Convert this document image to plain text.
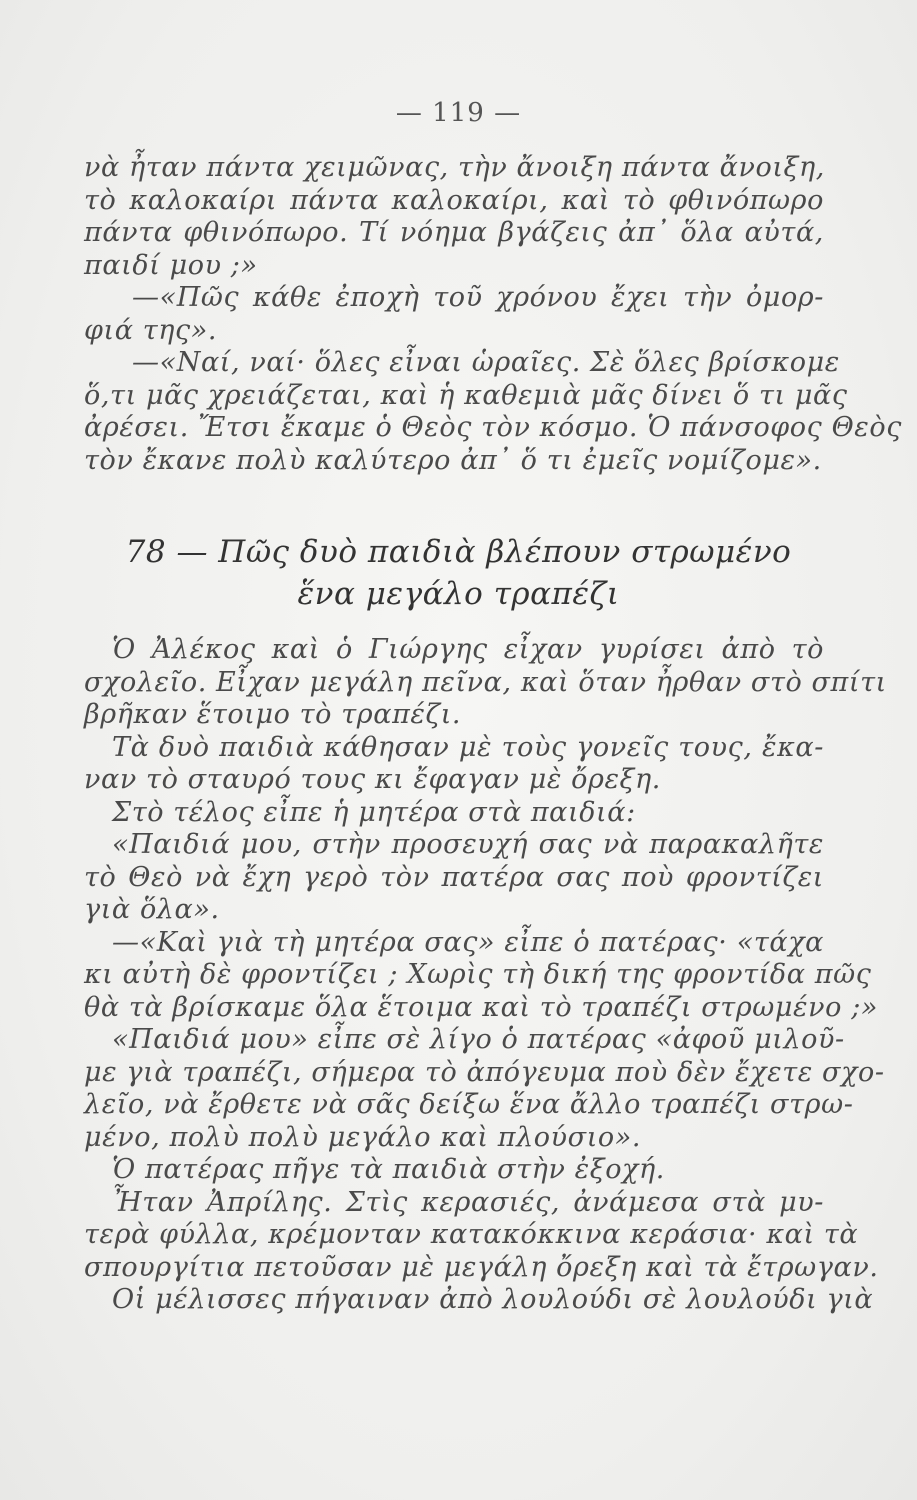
— 119 —
νὰ ἦταν πάντα χειμῶνας, τὴν ἄνοιξη πάντα ἄνοιξη,
τὸ καλοκαίρι πάντα καλοκαίρι, καὶ τὸ φθινόπωρο
πάντα φθινόπωρο. Τί νόημα βγάζεις ἀπ᾽ ὅλα αὐτά,
παιδί μου ;»
—«Πῶς κάθε ἐποχὴ τοῦ χρόνου ἔχει τὴν ὀμορ-
φιά της».
—«Ναί, ναί· ὅλες εἶναι ὡραῖες. Σὲ ὅλες βρίσκομε
ὅ,τι μᾶς χρειάζεται, καὶ ἡ καθεμιὰ μᾶς δίνει ὅ τι μᾶς
ἀρέσει. Ἔτσι ἔκαμε ὁ Θεὸς τὸν κόσμο. Ὁ πάνσοφος Θεὸς
τὸν ἔκανε πολὺ καλύτερο ἀπ᾽ ὅ τι ἐμεῖς νομίζομε».
78 — Πῶς δυὸ παιδιὰ βλέπουν στρωμένο
ἕνα μεγάλο τραπέζι
Ὁ Ἀλέκος καὶ ὁ Γιώργης εἶχαν γυρίσει ἀπὸ τὸ
σχολεῖο. Εἶχαν μεγάλη πεῖνα, καὶ ὅταν ἦρθαν στὸ σπίτι
βρῆκαν ἕτοιμο τὸ τραπέζι.
Τὰ δυὸ παιδιὰ κάθησαν μὲ τοὺς γονεῖς τους, ἔκα-
ναν τὸ σταυρό τους κι ἔφαγαν μὲ ὄρεξη.
Στὸ τέλος εἶπε ἡ μητέρα στὰ παιδιά:
«Παιδιά μου, στὴν προσευχή σας νὰ παρακαλῆτε
τὸ Θεὸ νὰ ἔχη γερὸ τὸν πατέρα σας ποὺ φροντίζει
γιὰ ὅλα».
—«Καὶ γιὰ τὴ μητέρα σας» εἶπε ὁ πατέρας· «τάχα
κι αὐτὴ δὲ φροντίζει ; Χωρὶς τὴ δική της φροντίδα πῶς
θὰ τὰ βρίσκαμε ὅλα ἕτοιμα καὶ τὸ τραπέζι στρωμένο ;»
«Παιδιά μου» εἶπε σὲ λίγο ὁ πατέρας «ἀφοῦ μιλοῦ-
με γιὰ τραπέζι, σήμερα τὸ ἀπόγευμα ποὺ δὲν ἔχετε σχο-
λεῖο, νὰ ἔρθετε νὰ σᾶς δείξω ἕνα ἄλλο τραπέζι στρω-
μένο, πολὺ πολὺ μεγάλο καὶ πλούσιο».
Ὁ πατέρας πῆγε τὰ παιδιὰ στὴν ἐξοχή.
Ἦταν Ἀπρίλης. Στὶς κερασιές, ἀνάμεσα στὰ μυ-
τερὰ φύλλα, κρέμονταν κατακόκκινα κεράσια· καὶ τὰ
σπουργίτια πετοῦσαν μὲ μεγάλη ὄρεξη καὶ τὰ ἔτρωγαν.
Οἱ μέλισσες πήγαιναν ἀπὸ λουλούδι σὲ λουλούδι γιὰ
